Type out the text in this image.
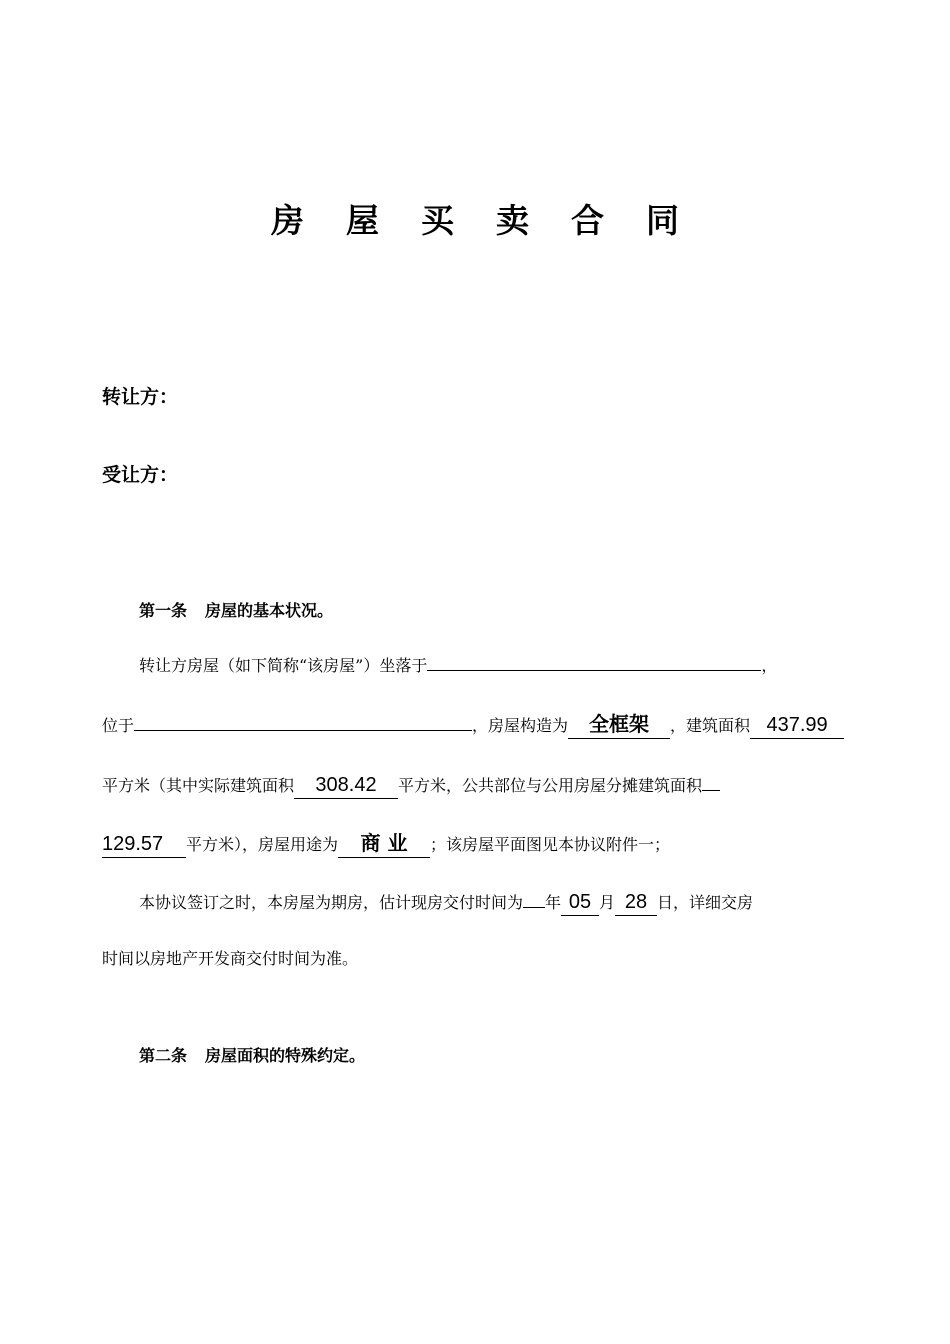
房屋买卖合同
转让方：
受让方：
第一条 房屋的基本状况。
转让方房屋（如下简称“该房屋”）坐落于	，
位于	，房屋构造为 全框架 ，建筑面积 437.99
平方米（其中实际建筑面积 308.42 平方米，公共部位与公用房屋分摊建筑面积
129.57 平方米），房屋用途为 商 业 ；该房屋平面图见本协议附件一；
本协议签订之时，本房屋为期房，估计现房交付时间为 年 05 月 28 日，详细交房
时间以房地产开发商交付时间为准。
第二条 房屋面积的特殊约定。
